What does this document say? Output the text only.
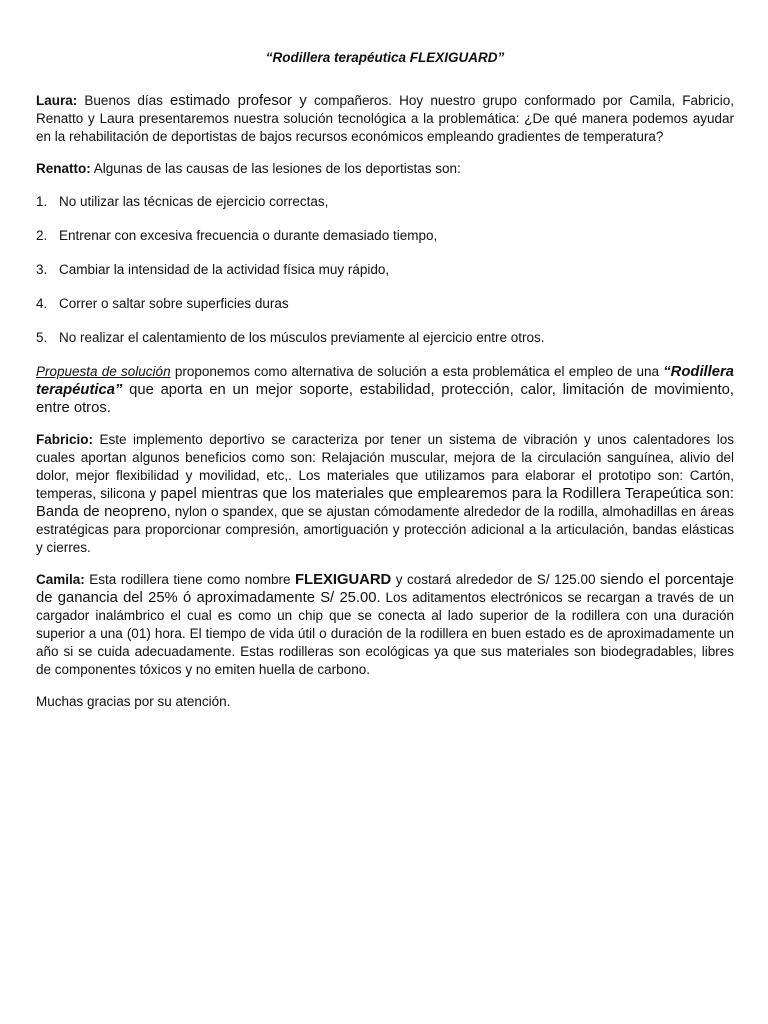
“Rodillera terapéutica FLEXIGUARD”

Laura: Buenos días estimado profesor y compañeros. Hoy nuestro grupo conformado por Camila, Fabricio, Renatto y Laura presentaremos nuestra solución tecnológica a la problemática: ¿De qué manera podemos ayudar en la rehabilitación de deportistas de bajos recursos económicos empleando gradientes de temperatura?

Renatto: Algunas de las causas de las lesiones de los deportistas son:

1. No utilizar las técnicas de ejercicio correctas,
2. Entrenar con excesiva frecuencia o durante demasiado tiempo,
3. Cambiar la intensidad de la actividad física muy rápido,
4. Correr o saltar sobre superficies duras
5. No realizar el calentamiento de los músculos previamente al ejercicio entre otros.

Propuesta de solución proponemos como alternativa de solución a esta problemática el empleo de una “Rodillera terapéutica” que aporta en un mejor soporte, estabilidad, protección, calor, limitación de movimiento, entre otros.

Fabricio: Este implemento deportivo se caracteriza por tener un sistema de vibración y unos calentadores los cuales aportan algunos beneficios como son: Relajación muscular, mejora de la circulación sanguínea, alivio del dolor, mejor flexibilidad y movilidad, etc,. Los materiales que utilizamos para elaborar el prototipo son: Cartón, temperas, silicona y papel mientras que los materiales que emplearemos para la Rodillera Terapeútica son: Banda de neopreno, nylon o spandex, que se ajustan cómodamente alrededor de la rodilla, almohadillas en áreas estratégicas para proporcionar compresión, amortiguación y protección adicional a la articulación, bandas elásticas y cierres.

Camila: Esta rodillera tiene como nombre FLEXIGUARD y costará alrededor de S/ 125.00 siendo el porcentaje de ganancia del 25% ó aproximadamente S/ 25.00. Los aditamentos electrónicos se recargan a través de un cargador inalámbrico el cual es como un chip que se conecta al lado superior de la rodillera con una duración superior a una (01) hora. El tiempo de vida útil o duración de la rodillera en buen estado es de aproximadamente un año si se cuida adecuadamente. Estas rodilleras son ecológicas ya que sus materiales son biodegradables, libres de componentes tóxicos y no emiten huella de carbono.

Muchas gracias por su atención.
